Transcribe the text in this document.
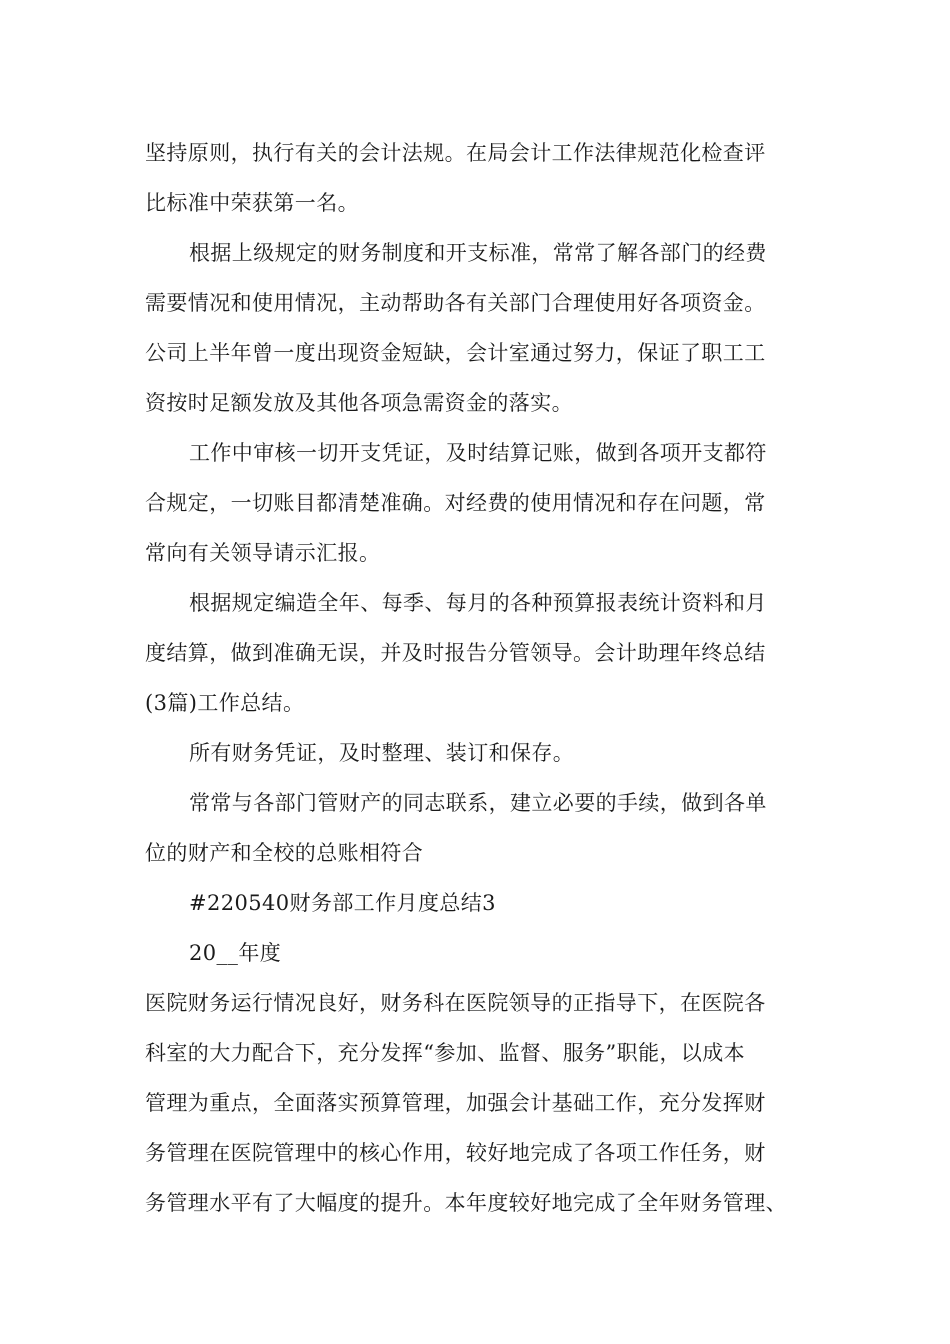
坚持原则，执行有关的会计法规。在局会计工作法律规范化检查评
比标准中荣获第一名。
根据上级规定的财务制度和开支标准，常常了解各部门的经费
需要情况和使用情况，主动帮助各有关部门合理使用好各项资金。
公司上半年曾一度出现资金短缺，会计室通过努力，保证了职工工
资按时足额发放及其他各项急需资金的落实。
工作中审核一切开支凭证，及时结算记账，做到各项开支都符
合规定，一切账目都清楚准确。对经费的使用情况和存在问题，常
常向有关领导请示汇报。
根据规定编造全年、每季、每月的各种预算报表统计资料和月
度结算，做到准确无误，并及时报告分管领导。会计助理年终总结
(3篇)工作总结。
所有财务凭证，及时整理、装订和保存。
常常与各部门管财产的同志联系，建立必要的手续，做到各单
位的财产和全校的总账相符合
#220540财务部工作月度总结3
20__年度
医院财务运行情况良好，财务科在医院领导的正指导下，在医院各
科室的大力配合下，充分发挥“参加、监督、服务”职能，以成本
管理为重点，全面落实预算管理，加强会计基础工作，充分发挥财
务管理在医院管理中的核心作用，较好地完成了各项工作任务，财
务管理水平有了大幅度的提升。本年度较好地完成了全年财务管理、
